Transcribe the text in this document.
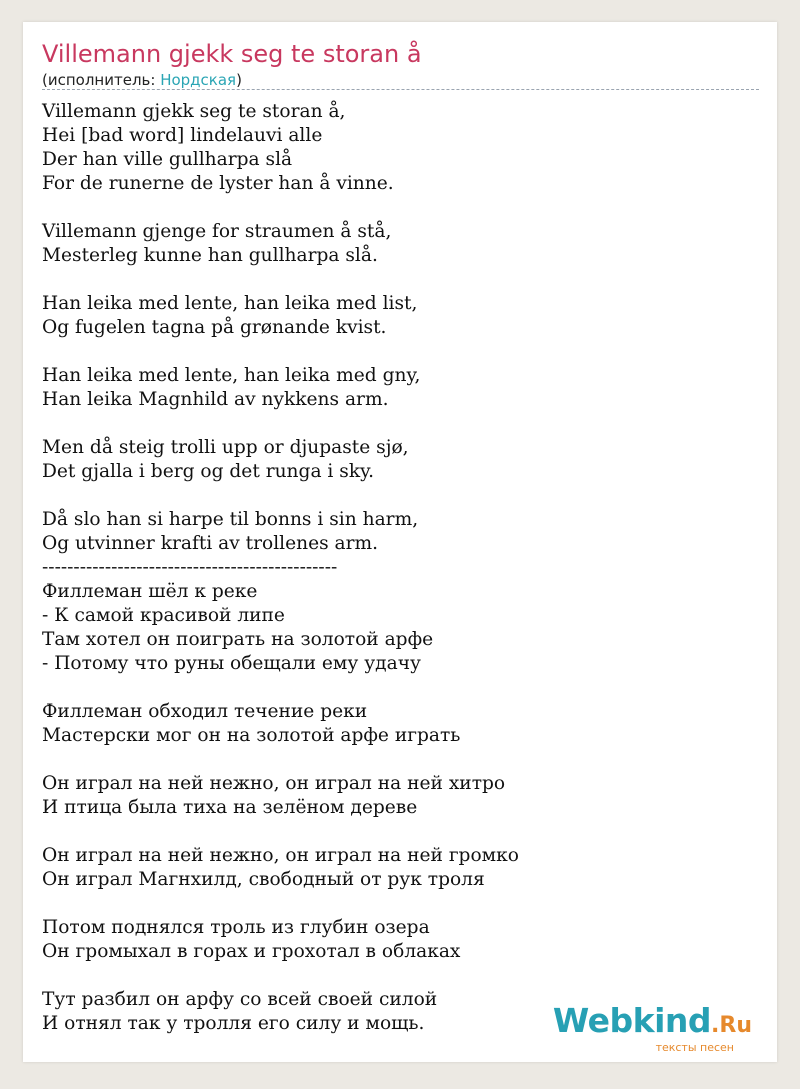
Villemann gjekk seg te storan å
(исполнитель: Нордская)
Villemann gjekk seg te storan å,
Hei [bad word] lindelauvi alle
Der han ville gullharpa slå
For de runerne de lyster han å vinne.
Villemann gjenge for straumen å stå,
Mesterleg kunne han gullharpa slå.
Han leika med lente, han leika med list,
Og fugelen tagna på grønande kvist.
Han leika med lente, han leika med gny,
Han leika Magnhild av nykkens arm.
Men då steig trolli upp or djupaste sjø,
Det gjalla i berg og det runga i sky.
Då slo han si harpe til bonns i sin harm,
Og utvinner krafti av trollenes arm.
-----------------------------------------------
Филлеман шёл к реке
- К самой красивой липе
Там хотел он поиграть на золотой арфе
- Потому что руны обещали ему удачу
Филлеман обходил течение реки
Мастерски мог он на золотой арфе играть
Он играл на ней нежно, он играл на ней хитро
И птица была тиха на зелёном дереве
Он играл на ней нежно, он играл на ней громко
Он играл Магнхилд, свободный от рук троля
Потом поднялся троль из глубин озера
Он громыхал в горах и грохотал в облаках
Тут разбил он арфу со всей своей силой
И отнял так у тролля его силу и мощь.	Webkind.Ru
тексты песен
